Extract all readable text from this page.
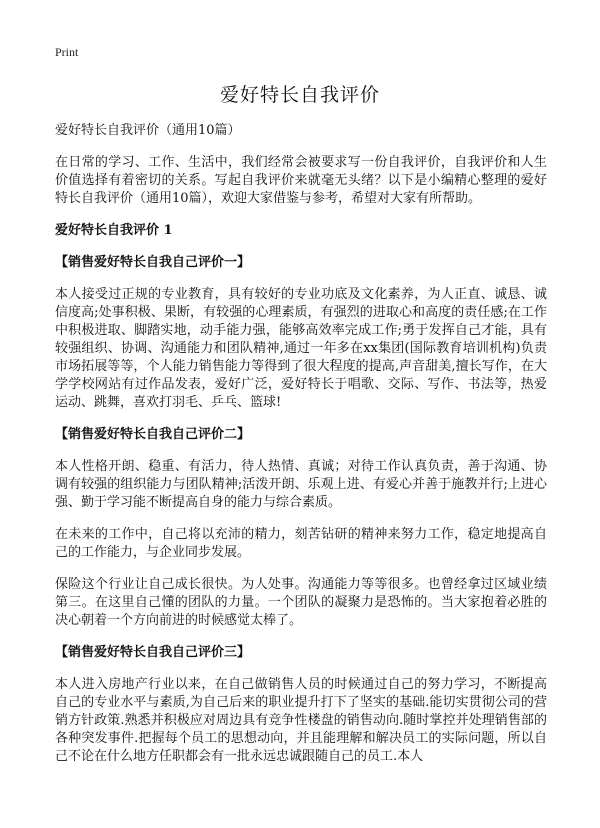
Print
爱好特长自我评价

爱好特长自我评价（通用10篇）

在日常的学习、工作、生活中，我们经常会被要求写一份自我评价，自我评价和人生价值选择有着密切的关系。写起自我评价来就毫无头绪？以下是小编精心整理的爱好特长自我评价（通用10篇），欢迎大家借鉴与参考，希望对大家有所帮助。

爱好特长自我评价 1

【销售爱好特长自我自己评价一】

本人接受过正规的专业教育，具有较好的专业功底及文化素养，为人正直、诚恳、诚信度高;处事积极、果断，有较强的心理素质，有强烈的进取心和高度的责任感;在工作中积极进取、脚踏实地，动手能力强，能够高效率完成工作;勇于发挥自己才能，具有较强组织、协调、沟通能力和团队精神,通过一年多在xx集团(国际教育培训机构)负责市场拓展等等，个人能力销售能力等得到了很大程度的提高,声音甜美,擅长写作，在大学学校网站有过作品发表，爱好广泛，爱好特长于唱歌、交际、写作、书法等，热爱运动、跳舞，喜欢打羽毛、乒乓、篮球!

【销售爱好特长自我自己评价二】

本人性格开朗、稳重、有活力，待人热情、真诚；对待工作认真负责，善于沟通、协调有较强的组织能力与团队精神;活泼开朗、乐观上进、有爱心并善于施教并行;上进心强、勤于学习能不断提高自身的能力与综合素质。

在未来的工作中，自己将以充沛的精力，刻苦钻研的精神来努力工作，稳定地提高自己的工作能力，与企业同步发展。

保险这个行业让自己成长很快。为人处事。沟通能力等等很多。也曾经拿过区域业绩第三。在这里自己懂的团队的力量。一个团队的凝聚力是恐怖的。当大家抱着必胜的决心朝着一个方向前进的时候感觉太棒了。

【销售爱好特长自我自己评价三】

本人进入房地产行业以来，在自己做销售人员的时候通过自己的努力学习，不断提高自己的专业水平与素质,为自己后来的职业提升打下了坚实的基础.能切实贯彻公司的营销方针政策.熟悉并积极应对周边具有竞争性楼盘的销售动向.随时掌控并处理销售部的各种突发事件.把握每个员工的思想动向，并且能理解和解决员工的实际问题，所以自己不论在什么地方任职都会有一批永远忠诚跟随自己的员工.本人
